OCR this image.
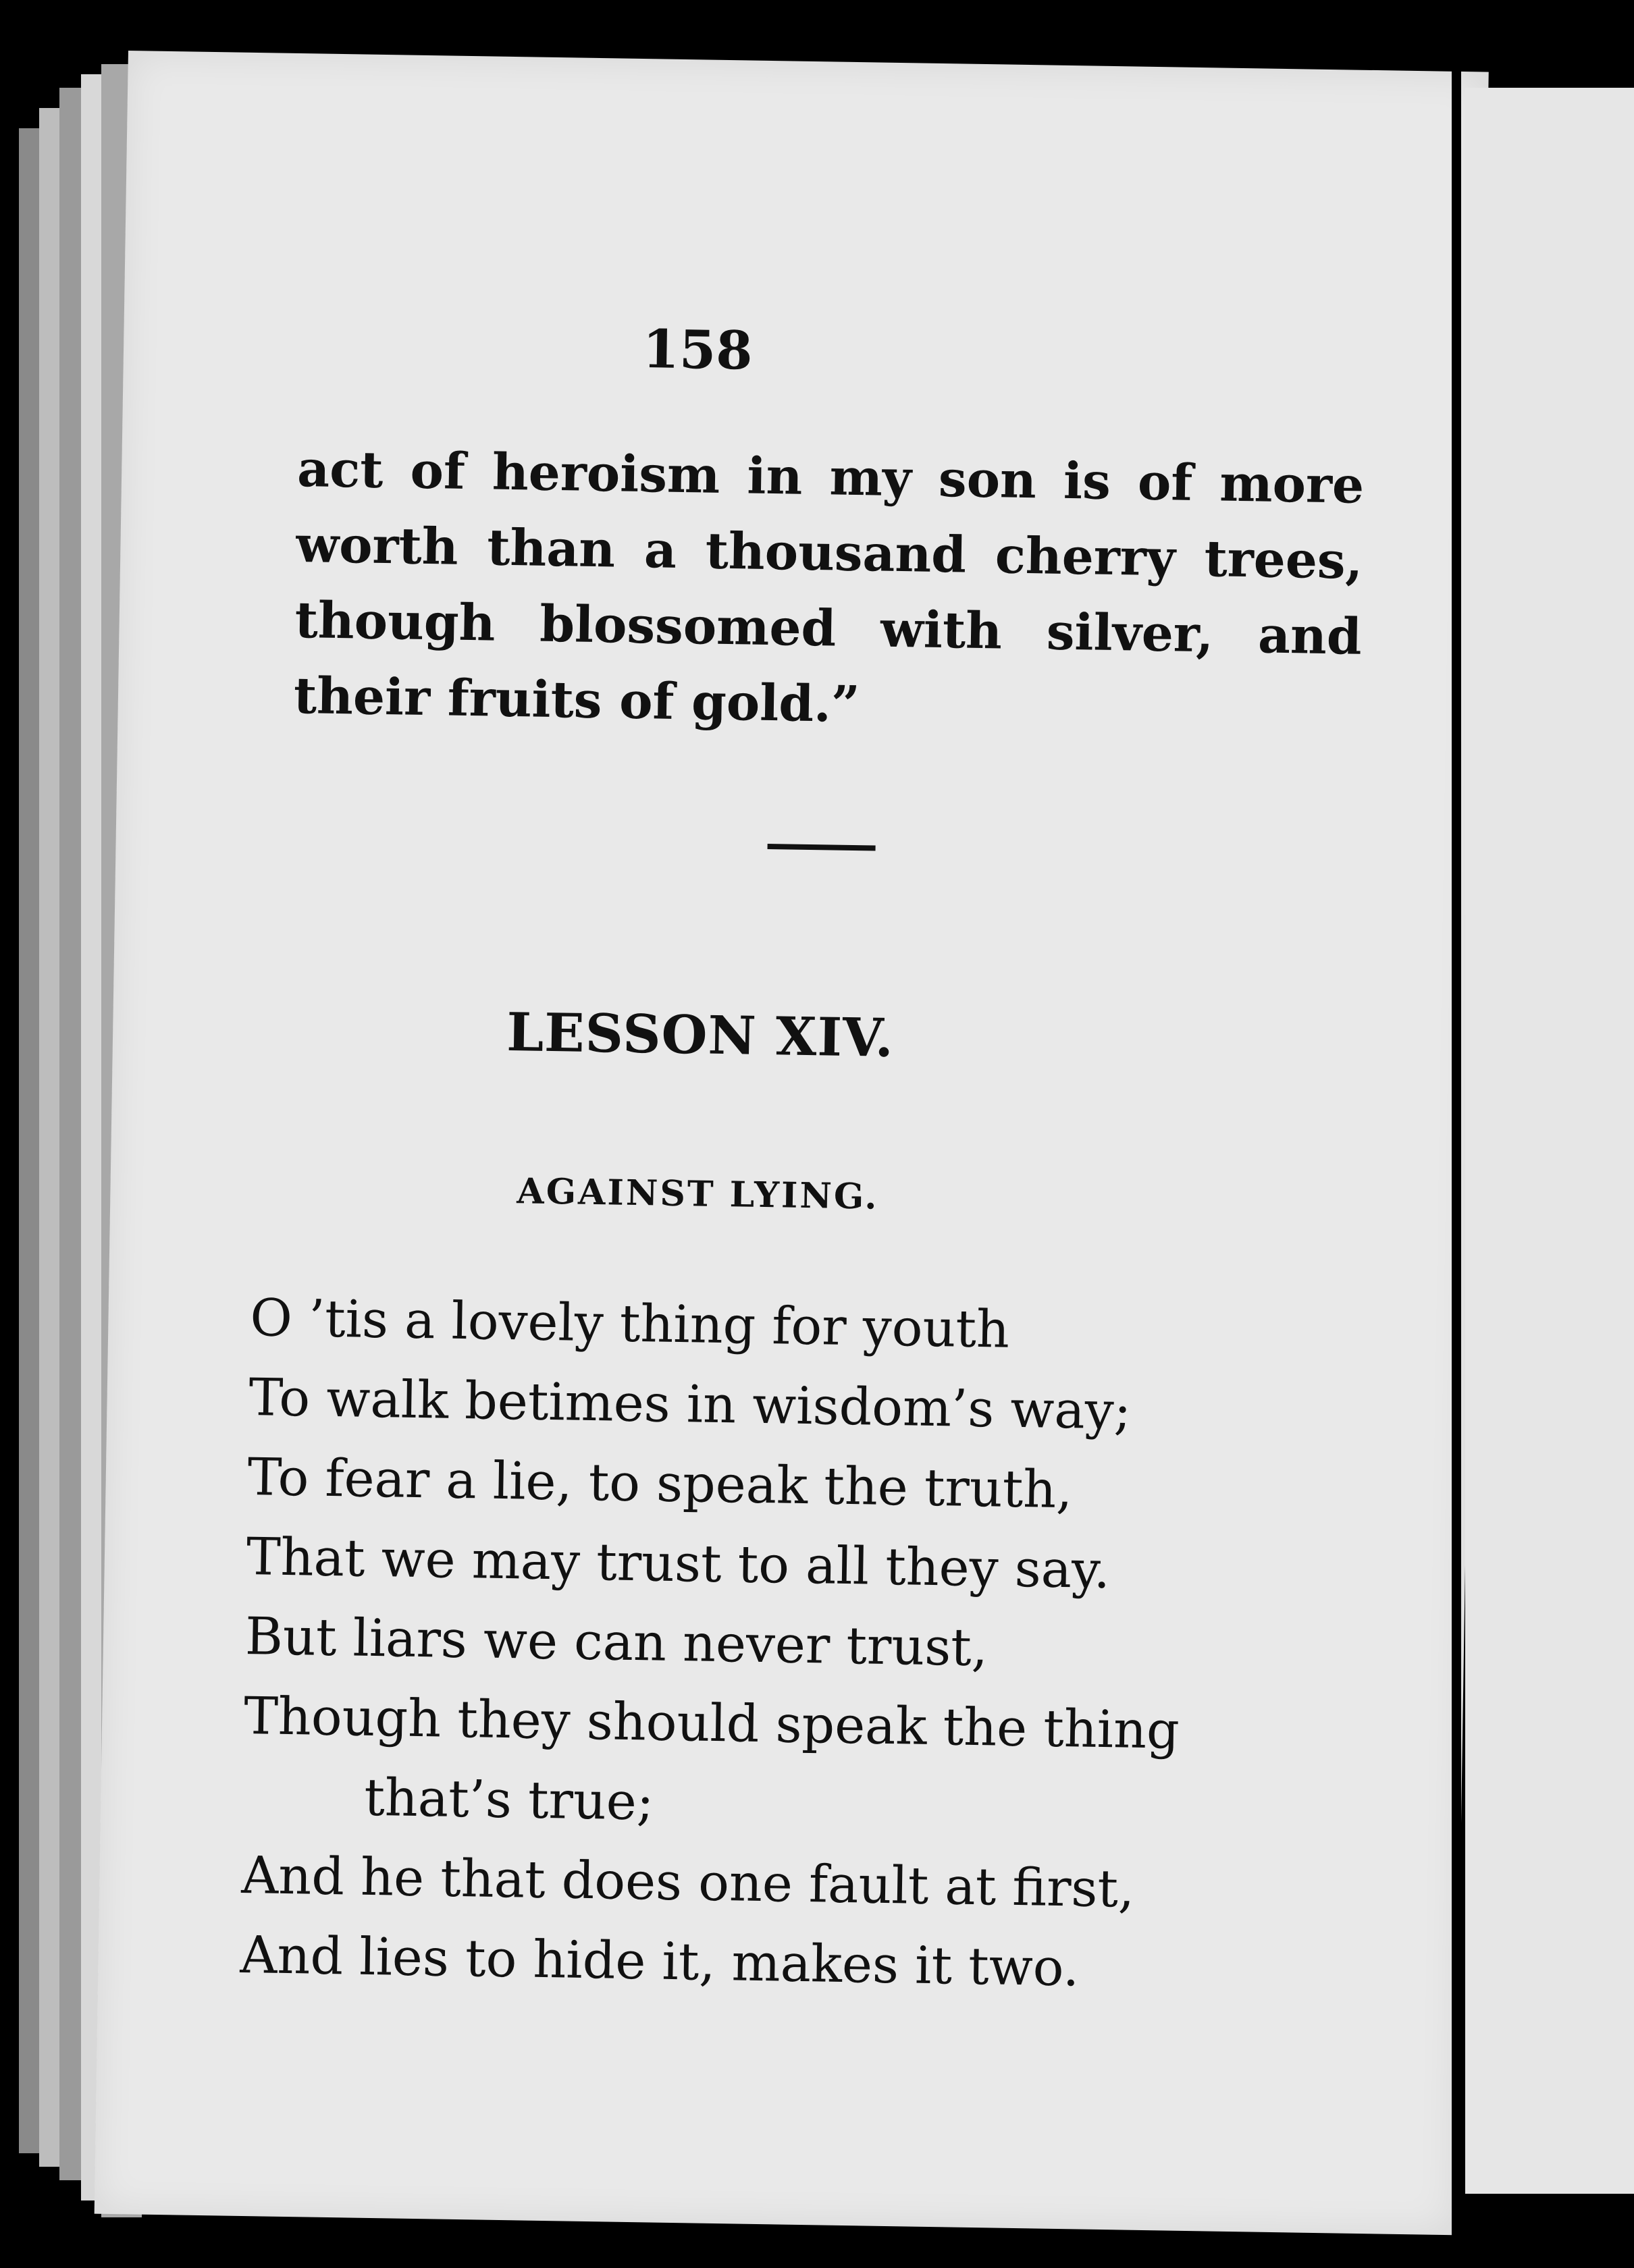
158
act of heroism in my son is of more worth than a thousand cherry trees, though blossomed with silver, and their fruits of gold.”
LESSON XIV.
AGAINST LYING.
O ’tis a lovely thing for youth
To walk betimes in wisdom’s way;
To fear a lie, to speak the truth,
That we may trust to all they say.
But liars we can never trust,
Though they should speak the thing
that’s true;
And he that does one fault at first,
And lies to hide it, makes it two.
